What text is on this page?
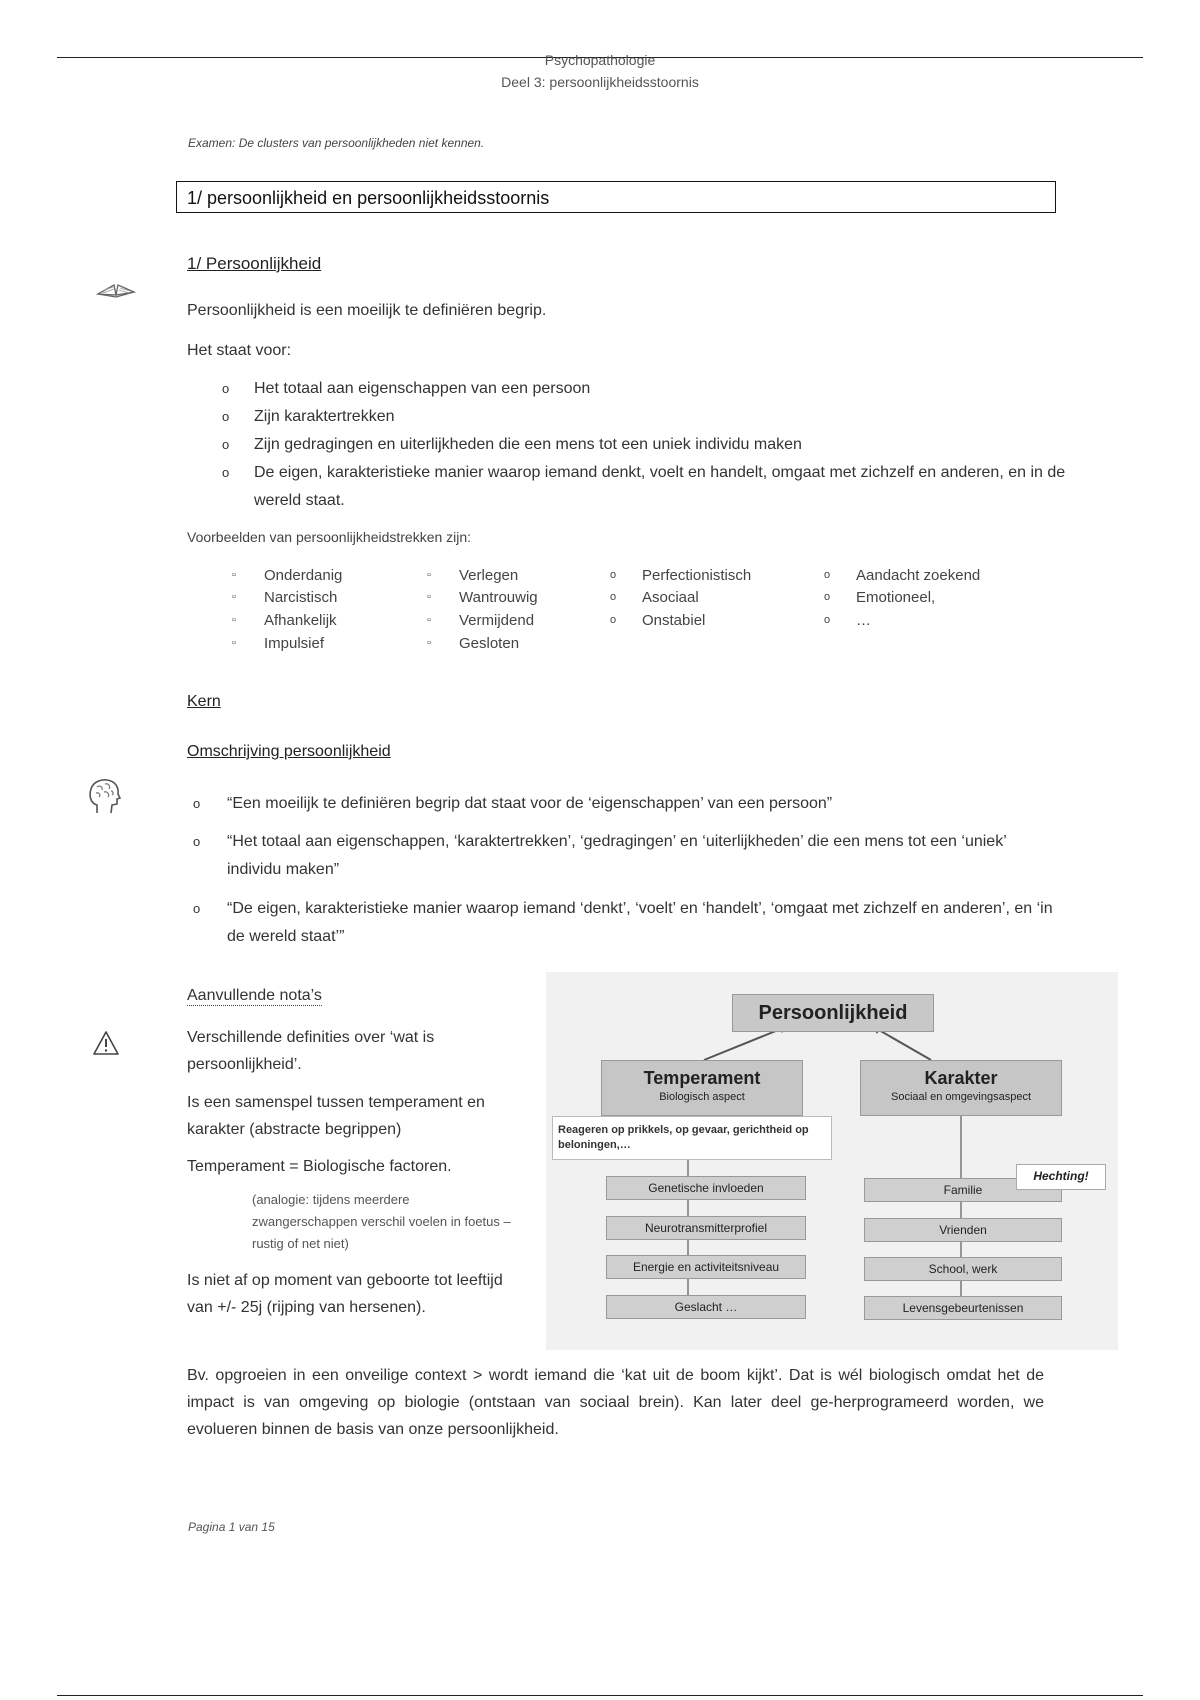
Psychopathologie
Deel 3: persoonlijkheidsstoornis
Examen: De clusters van persoonlijkheden niet kennen.
1/ persoonlijkheid en persoonlijkheidsstoornis
1/ Persoonlijkheid
Persoonlijkheid is een moeilijk te definiëren begrip.
Het staat voor:
o Het totaal aan eigenschappen van een persoon
o Zijn karaktertrekken
o Zijn gedragingen en uiterlijkheden die een mens tot een uniek individu maken
o De eigen, karakteristieke manier waarop iemand denkt, voelt en handelt, omgaat met zichzelf en anderen, en in de wereld staat.
Voorbeelden van persoonlijkheidstrekken zijn:
▫ Onderdanig
▫ Narcistisch
▫ Afhankelijk
▫ Impulsief
▫ Verlegen
▫ Wantrouwig
▫ Vermijdend
▫ Gesloten
o Perfectionistisch
o Asociaal
o Onstabiel
o Aandacht zoekend
o Emotioneel,
o …
Kern
Omschrijving persoonlijkheid
o “Een moeilijk te definiëren begrip dat staat voor de ‘eigenschappen’ van een persoon”
o “Het totaal aan eigenschappen, ‘karaktertrekken’, ‘gedragingen’ en ‘uiterlijkheden’ die een mens tot een ‘uniek’ individu maken”
o “De eigen, karakteristieke manier waarop iemand ‘denkt’, ‘voelt’ en ‘handelt’, ‘omgaat met zichzelf en anderen’, en ‘in de wereld staat’”
Aanvullende nota’s
Verschillende definities over ‘wat is persoonlijkheid’.
Is een samenspel tussen temperament en karakter (abstracte begrippen)
Temperament = Biologische factoren.
(analogie: tijdens meerdere zwangerschappen verschil voelen in foetus – rustig of net niet)
Is niet af op moment van geboorte tot leeftijd van +/- 25j (rijping van hersenen).
Persoonlijkheid
Temperament
Biologisch aspect
Karakter
Sociaal en omgevingsaspect
Reageren op prikkels, op gevaar, gerichtheid op beloningen,…
Genetische invloeden
Neurotransmitterprofiel
Energie en activiteitsniveau
Geslacht …
Familie
Vrienden
School, werk
Levensgebeurtenissen
Hechting!
Bv. opgroeien in een onveilige context > wordt iemand die ‘kat uit de boom kijkt’. Dat is wél biologisch omdat het de impact is van omgeving op biologie (ontstaan van sociaal brein). Kan later deel ge-herprogrameerd worden, we evolueren binnen de basis van onze persoonlijkheid.
Pagina 1 van 15
